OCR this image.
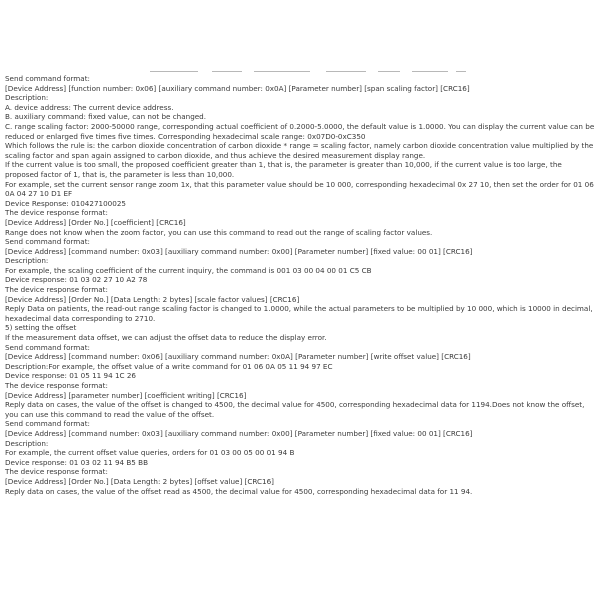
Send command format:

[Device Address] [function number: 0x06] [auxiliary command number: 0x0A] [Parameter number] [span scaling factor] [CRC16]

Description:

A. device address: The current device address.

B. auxiliary command: fixed value, can not be changed.

C. range scaling factor: 2000-50000 range, corresponding actual coefficient of 0.2000-5.0000, the default value is 1.0000. You can display the current value can be reduced or enlarged five times five times. Corresponding hexadecimal scale range: 0x07D0-0xC350

Which follows the rule is: the carbon dioxide concentration of carbon dioxide * range = scaling factor, namely carbon dioxide concentration value multiplied by the scaling factor and span again assigned to carbon dioxide, and thus achieve the desired measurement display range.

If the current value is too small, the proposed coefficient greater than 1, that is, the parameter is greater than 10,000, if the current value is too large, the proposed factor of 1, that is, the parameter is less than 10,000.

For example, set the current sensor range zoom 1x, that this parameter value should be 10 000, corresponding hexadecimal 0x 27 10, then set the order for 01 06 0A 04 27 10 D1 EF

Device Response: 010427100025

The device response format:

[Device Address] [Order No.] [coefficient] [CRC16]

Range does not know when the zoom factor, you can use this command to read out the range of scaling factor values.

Send command format:

[Device Address] [command number: 0x03] [auxiliary command number: 0x00] [Parameter number] [fixed value: 00 01] [CRC16]

Description:

For example, the scaling coefficient of the current inquiry, the command is 001 03 00 04 00 01 C5 CB

Device response: 01 03 02 27 10 A2 78

The device response format:

[Device Address] [Order No.] [Data Length: 2 bytes] [scale factor values] [CRC16]

Reply Data on patients, the read-out range scaling factor is changed to 1.0000, while the actual parameters to be multiplied by 10 000, which is 10000 in decimal, hexadecimal data corresponding to 2710.

5) setting the offset

If the measurement data offset, we can adjust the offset data to reduce the display error.

Send command format:

[Device Address] [command number: 0x06] [auxiliary command number: 0x0A] [Parameter number] [write offset value] [CRC16]

Description:For example, the offset value of a write command for 01 06 0A 05 11 94 97 EC

Device response: 01 05 11 94 1C 26

The device response format:

[Device Address] [parameter number] [coefficient writing] [CRC16]

Reply data on cases, the value of the offset is changed to 4500, the decimal value for 4500, corresponding hexadecimal data for 1194.Does not know the offset, you can use this command to read the value of the offset.

Send command format:

[Device Address] [command number: 0x03] [auxiliary command number: 0x00] [Parameter number] [fixed value: 00 01] [CRC16]

Description:

For example, the current offset value queries, orders for 01 03 00 05 00 01 94 B

Device response: 01 03 02 11 94 B5 BB

The device response format:

[Device Address] [Order No.] [Data Length: 2 bytes] [offset value] [CRC16]

Reply data on cases, the value of the offset read as 4500, the decimal value for 4500, corresponding hexadecimal data for 11 94.
